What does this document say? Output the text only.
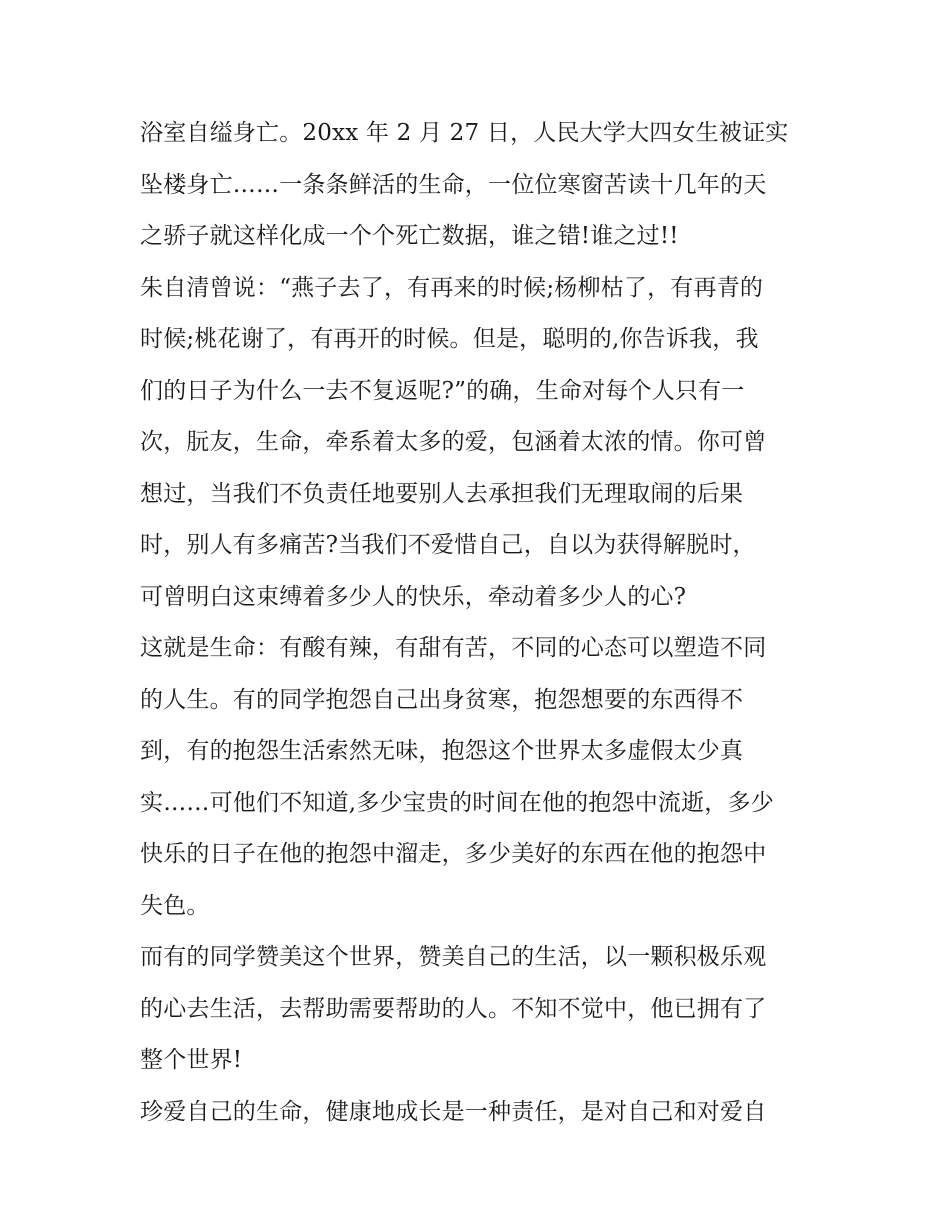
浴室自缢身亡。20xx 年 2 月 27 日，人民大学大四女生被证实
坠楼身亡……一条条鲜活的生命，一位位寒窗苦读十几年的天
之骄子就这样化成一个个死亡数据，谁之错!谁之过!!
朱自清曾说：“燕子去了，有再来的时候;杨柳枯了，有再青的
时候;桃花谢了，有再开的时候。但是，聪明的,你告诉我，我
们的日子为什么一去不复返呢?”的确，生命对每个人只有一
次，朊友，生命，牵系着太多的爱，包涵着太浓的情。你可曾
想过，当我们不负责任地要别人去承担我们无理取闹的后果
时，别人有多痛苦?当我们不爱惜自己，自以为获得解脱时，
可曾明白这束缚着多少人的快乐，牵动着多少人的心?
这就是生命：有酸有辣，有甜有苦，不同的心态可以塑造不同
的人生。有的同学抱怨自己出身贫寒，抱怨想要的东西得不
到，有的抱怨生活索然无味，抱怨这个世界太多虚假太少真
实……可他们不知道,多少宝贵的时间在他的抱怨中流逝，多少
快乐的日子在他的抱怨中溜走，多少美好的东西在他的抱怨中
失色。
而有的同学赞美这个世界，赞美自己的生活，以一颗积极乐观
的心去生活，去帮助需要帮助的人。不知不觉中，他已拥有了
整个世界!
珍爱自己的生命，健康地成长是一种责任，是对自己和对爱自
